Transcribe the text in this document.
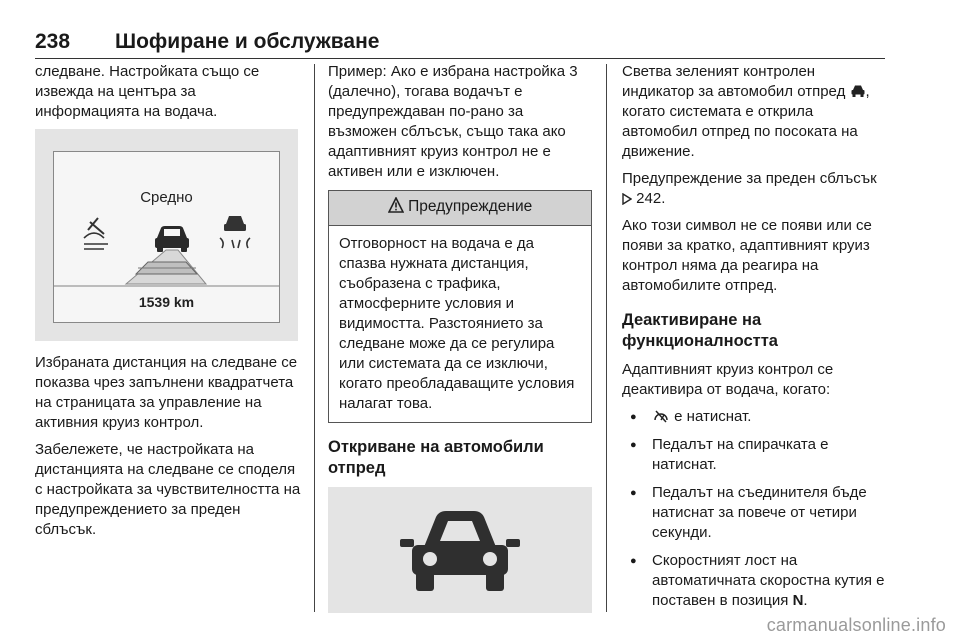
238 Шофиране и обслужване

следване. Настройката също се извежда на центъра за информацията на водача.

Средно
1539 km

Избраната дистанция на следване се показва чрез запълнени квадратчета на страницата за управление на активния круиз контрол.

Забележете, че настройката на дистанцията на следване се споделя с настройката за чувствителността на предупреждението за преден сблъсък.

Пример: Ако е избрана настройка 3 (далечно), тогава водачът е предупреждаван по-рано за възможен сблъсък, също така ако адаптивният круиз контрол не е активен или е изключен.

Предупреждение
Отговорност на водача е да спазва нужната дистанция, съобразена с трафика, атмосферните условия и видимостта. Разстоянието за следване може да се регулира или системата да се изключи, когато преобладаващите условия налагат това.
Откриване на автомобили отпред

Светва зеленият контролен индикатор за автомобил отпред , когато системата е открила автомобил отпред по посоката на движение.

Предупреждение за преден сблъсък  242.

Ако този символ не се появи или се появи за кратко, адаптивният круиз контрол няма да реагира на автомобилите отпред.

Деактивиране на функционалността

Адаптивният круиз контрол се деактивира от водача, когато:

● е натиснат.
● Педалът на спирачката е натиснат.
● Педалът на съединителя бъде натиснат за повече от четири секунди.
● Скоростният лост на автоматичната скоростна кутия е поставен в позиция N.
carmanualsonline.info
